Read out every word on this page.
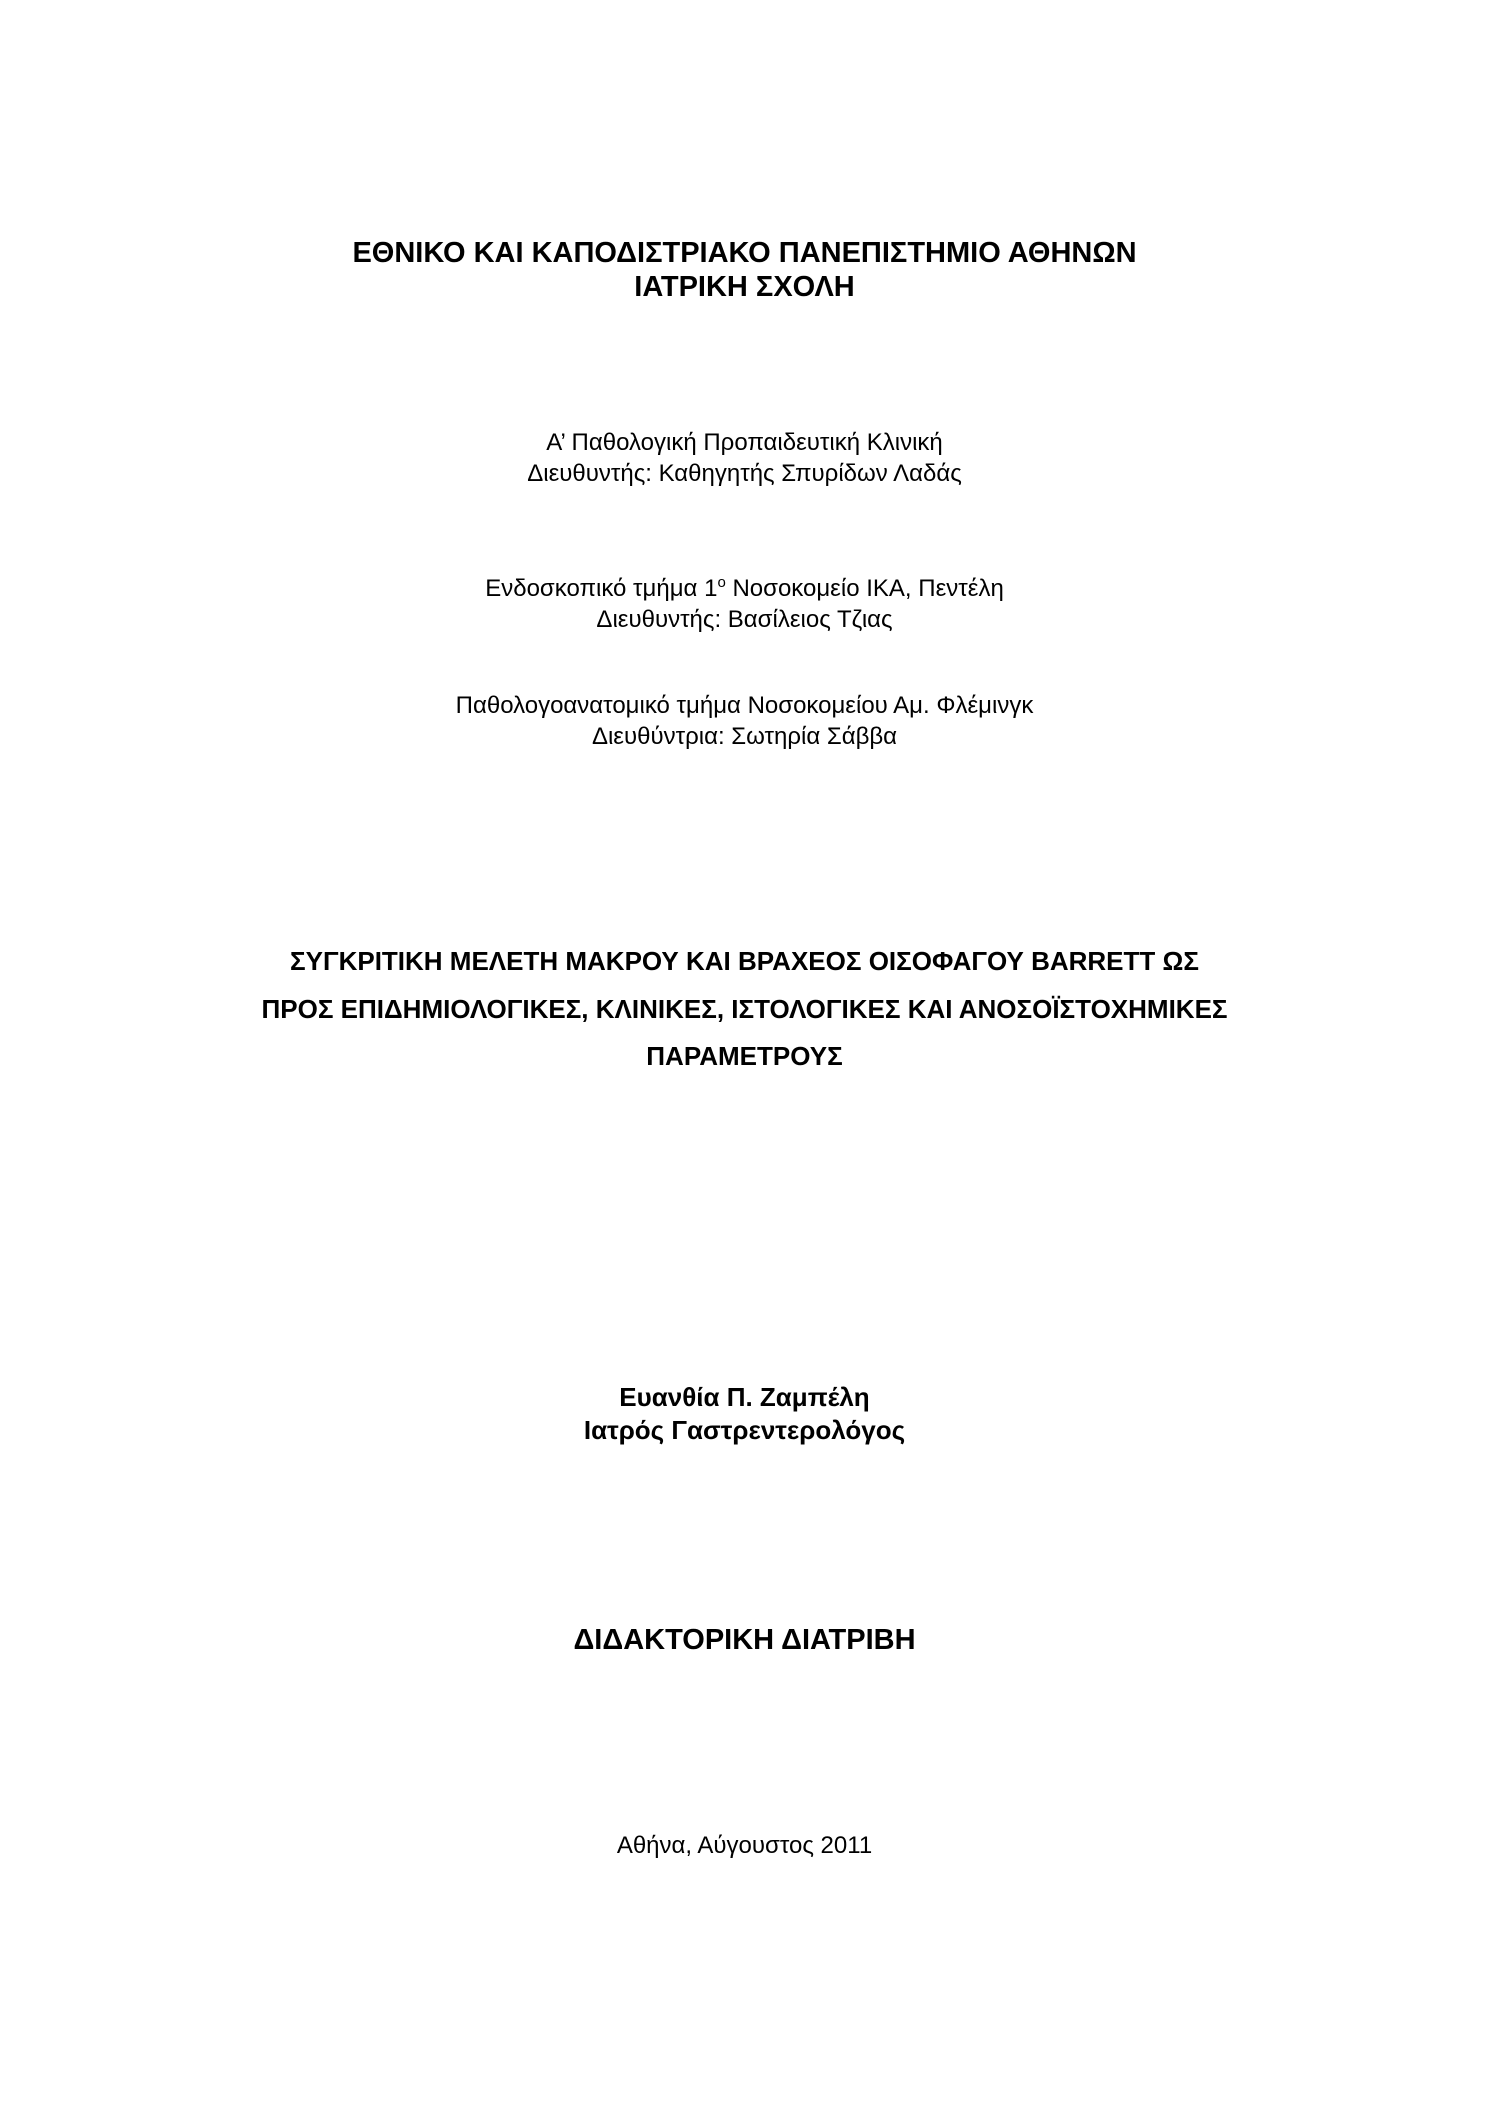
ΕΘΝΙΚΟ ΚΑΙ ΚΑΠΟΔΙΣΤΡΙΑΚΟ ΠΑΝΕΠΙΣΤΗΜΙΟ ΑΘΗΝΩΝ
ΙΑΤΡΙΚΗ ΣΧΟΛΗ
Α’ Παθολογική Προπαιδευτική Κλινική
Διευθυντής: Καθηγητής Σπυρίδων Λαδάς
Ενδοσκοπικό τμήμα $1^o$ Νοσοκομείο ΙΚΑ, Πεντέλη
Διευθυντής: Βασίλειος Τζιας
Παθολογοανατομικό τμήμα Νοσοκομείου Αμ. Φλέμινγκ
Διευθύντρια: Σωτηρία Σάββα
ΣΥΓΚΡΙΤΙΚΗ ΜΕΛΕΤΗ ΜΑΚΡΟΥ ΚΑΙ ΒΡΑΧΕΟΣ ΟΙΣΟΦΑΓΟΥ BARRETT ΩΣ
ΠΡΟΣ ΕΠΙΔΗΜΙΟΛΟΓΙΚΕΣ, ΚΛΙΝΙΚΕΣ, ΙΣΤΟΛΟΓΙΚΕΣ ΚΑΙ ΑΝΟΣΟΪΣΤΟΧΗΜΙΚΕΣ
ΠΑΡΑΜΕΤΡΟΥΣ
Ευανθία Π. Ζαμπέλη
Ιατρός Γαστρεντερολόγος
ΔΙΔΑΚΤΟΡΙΚΗ ΔΙΑΤΡΙΒΗ
Αθήνα, Αύγουστος 2011
